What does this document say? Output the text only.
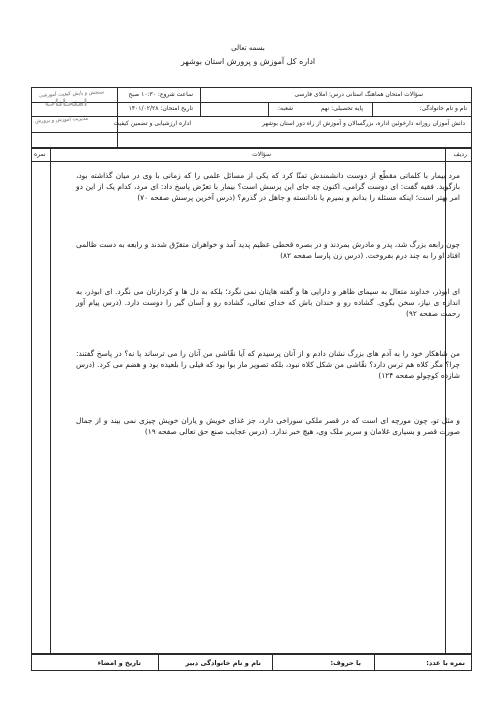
بسمه تعالی
اداره کل آموزش و پرورش استان بوشهر
سؤالات امتحان هماهنگ استانی درس: املای فارسی
ساعت شروع: ۱۰:۳۰ صبح
نام و نام خانوادگی:
پایه تحصیلی: نهم
شعبه:
تاریخ امتحان: ۱۴۰۱/۰۲/۲۸
دانش آموزان روزانه دارخوئین اداره، بزرگسالان و آموزش از راه دور استان بوشهر
اداره ارزشیابی و تضمین کیفیت
سنجش و پایش کیفیت آموزشی
امتحانات
مدیریت آموزش و پرورش
ردیف
سؤالات
نمره

مرد بیمار با کلماتی مقطّع از دوست دانشمندش تمنّا کرد که یکی از مسائل علمی را که زمانی با وی در میان گذاشته بود، بازگوید. فقیه گفت: ای دوست گرامی، اکنون چه جای این پرسش است؟ بیمار با تعرّض پاسخ داد: ای مرد، کدام یک از این دو امر بهتر است؛ اینکه مسئله را بدانم و بمیرم یا نادانسته و جاهل در گذرم؟ (درس آخرین پرسش صفحه ۷۰)

چون رابعه بزرگ شد، پدر و مادرش بمردند و در بصره قحطی عظیم پدید آمد و خواهران متفرّق شدند و رابعه به دست ظالمی افتاد او را به چند درم بفروخت. (درس زن پارسا صفحه ۸۲)

ای ابوذر، خداوند متعال به سیمای ظاهر و دارایی ها و گفته هایتان نمی نگرد؛ بلکه به دل ها و کردارتان می نگرد. ای ابوذر، به اندازه ی نیاز، سخن بگوی. گشاده رو و خندان باش که خدای تعالی، گشاده رو و آسان گیر را دوست دارد. (درس پیام آور رحمت صفحه ۹۲)

من شاهکار خود را به آدم های بزرگ نشان دادم و از آنان پرسیدم که آیا نقّاشی من آنان را می ترساند یا نه؟ در پاسخ گفتند: چرا؟ مگر کلاه هم ترس دارد؟ نقّاشی من شکل کلاه نبود، بلکه تصویر مار بوا بود که فیلی را بلعیده بود و هضم می کرد. (درس شازده کوچولو صفحه ۱۲۴)

و مثل تو، چون مورچه ای است که در قصر ملکی سوراخی دارد، جز غذای خویش و یاران خویش چیزی نمی بیند و از جمال صورت قصر و بسیاری غلامان و سریر ملک وی، هیچ خبر ندارد. (درس عجایب صنع حق تعالی صفحه ۱۹)

نمره با عدد:
با حروف:
نام و نام خانوادگی دبیر
تاریخ و امضاء
